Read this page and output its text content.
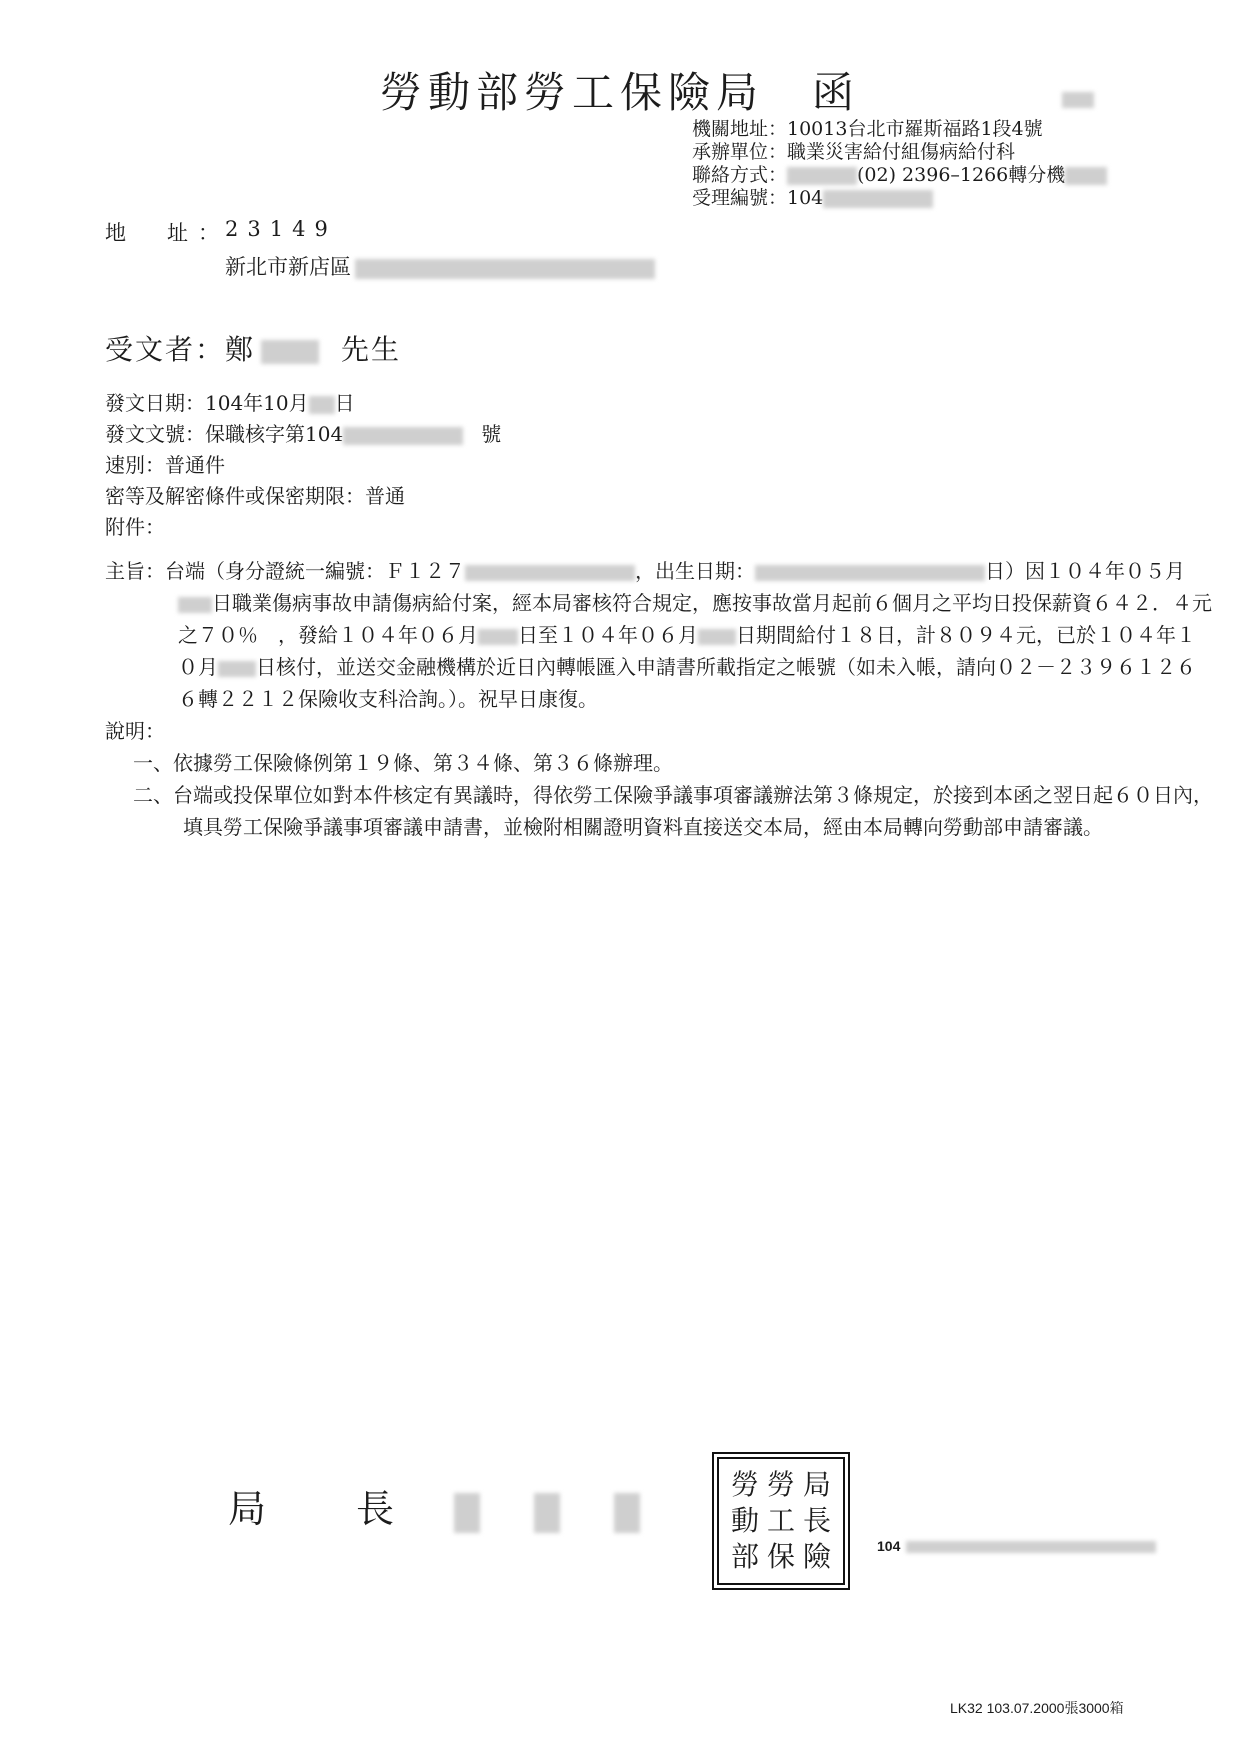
勞動部勞工保險局　函
機關地址：10013台北市羅斯福路1段4號
承辦單位：職業災害給付組傷病給付科
聯絡方式：	(02) 2396–1266轉分機
受理編號：104
地　址：
23149
新北市新店區
受文者：鄭	先生
發文日期：104年10月 日
發文文號：保職核字第104	號
速別：普通件
密等及解密條件或保密期限：普通
附件：

主旨：台端（身分證統一編號：Ｆ１２７	，出生日期：	日）因１０４年０５月日職業傷病事故申請傷病給付案，經本局審核符合規定，應按事故當月起前６個月之平均日投保薪資６４２．４元之７０％　，發給１０４年０６月 日至１０４年０６月 日期間給付１８日，計８０９４元，已於１０４年１０月 日核付，並送交金融機構於近日內轉帳匯入申請書所載指定之帳號（如未入帳，請向０２－２３９６１２６６轉２２１２保險收支科洽詢。）。祝早日康復。

說明：

一、依據勞工保險條例第１９條、第３４條、第３６條辦理。

二、台端或投保單位如對本件核定有異議時，得依勞工保險爭議事項審議辦法第３條規定，於接到本函之翌日起６０日內，填具勞工保險爭議事項審議申請書，並檢附相關證明資料直接送交本局，經由本局轉向勞動部申請審議。

局　長
勞 勞 局
動 工 長
部 保 險	104
LK32 103.07.2000張3000箱
